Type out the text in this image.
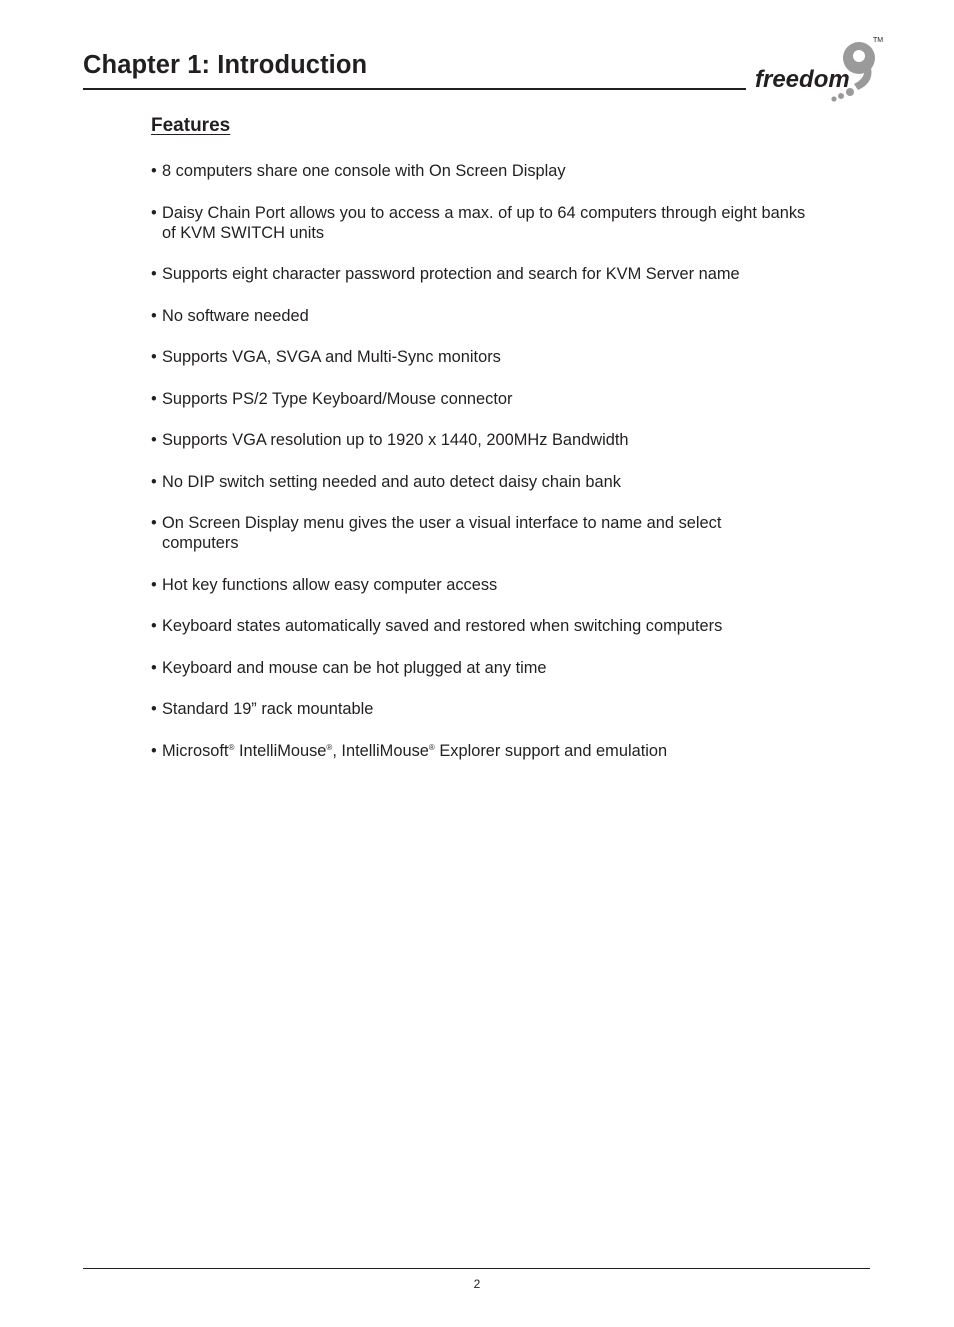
Chapter 1: Introduction
freedom
TM
Features
• 8 computers share one console with On Screen Display
• Daisy Chain Port allows you to access a max. of up to 64 computers through eight banks
of KVM SWITCH units
• Supports eight character password protection and search for KVM Server name
• No software needed
• Supports VGA, SVGA and Multi-Sync monitors
• Supports PS/2 Type Keyboard/Mouse connector
• Supports VGA resolution up to 1920 x 1440, 200MHz Bandwidth
• No DIP switch setting needed and auto detect daisy chain bank
• On Screen Display menu gives the user a visual interface to name and select
computers
• Hot key functions allow easy computer access
• Keyboard states automatically saved and restored when switching computers
• Keyboard and mouse can be hot plugged at any time
• Standard 19” rack mountable
• Microsoft® IntelliMouse®, IntelliMouse® Explorer support and emulation
2
